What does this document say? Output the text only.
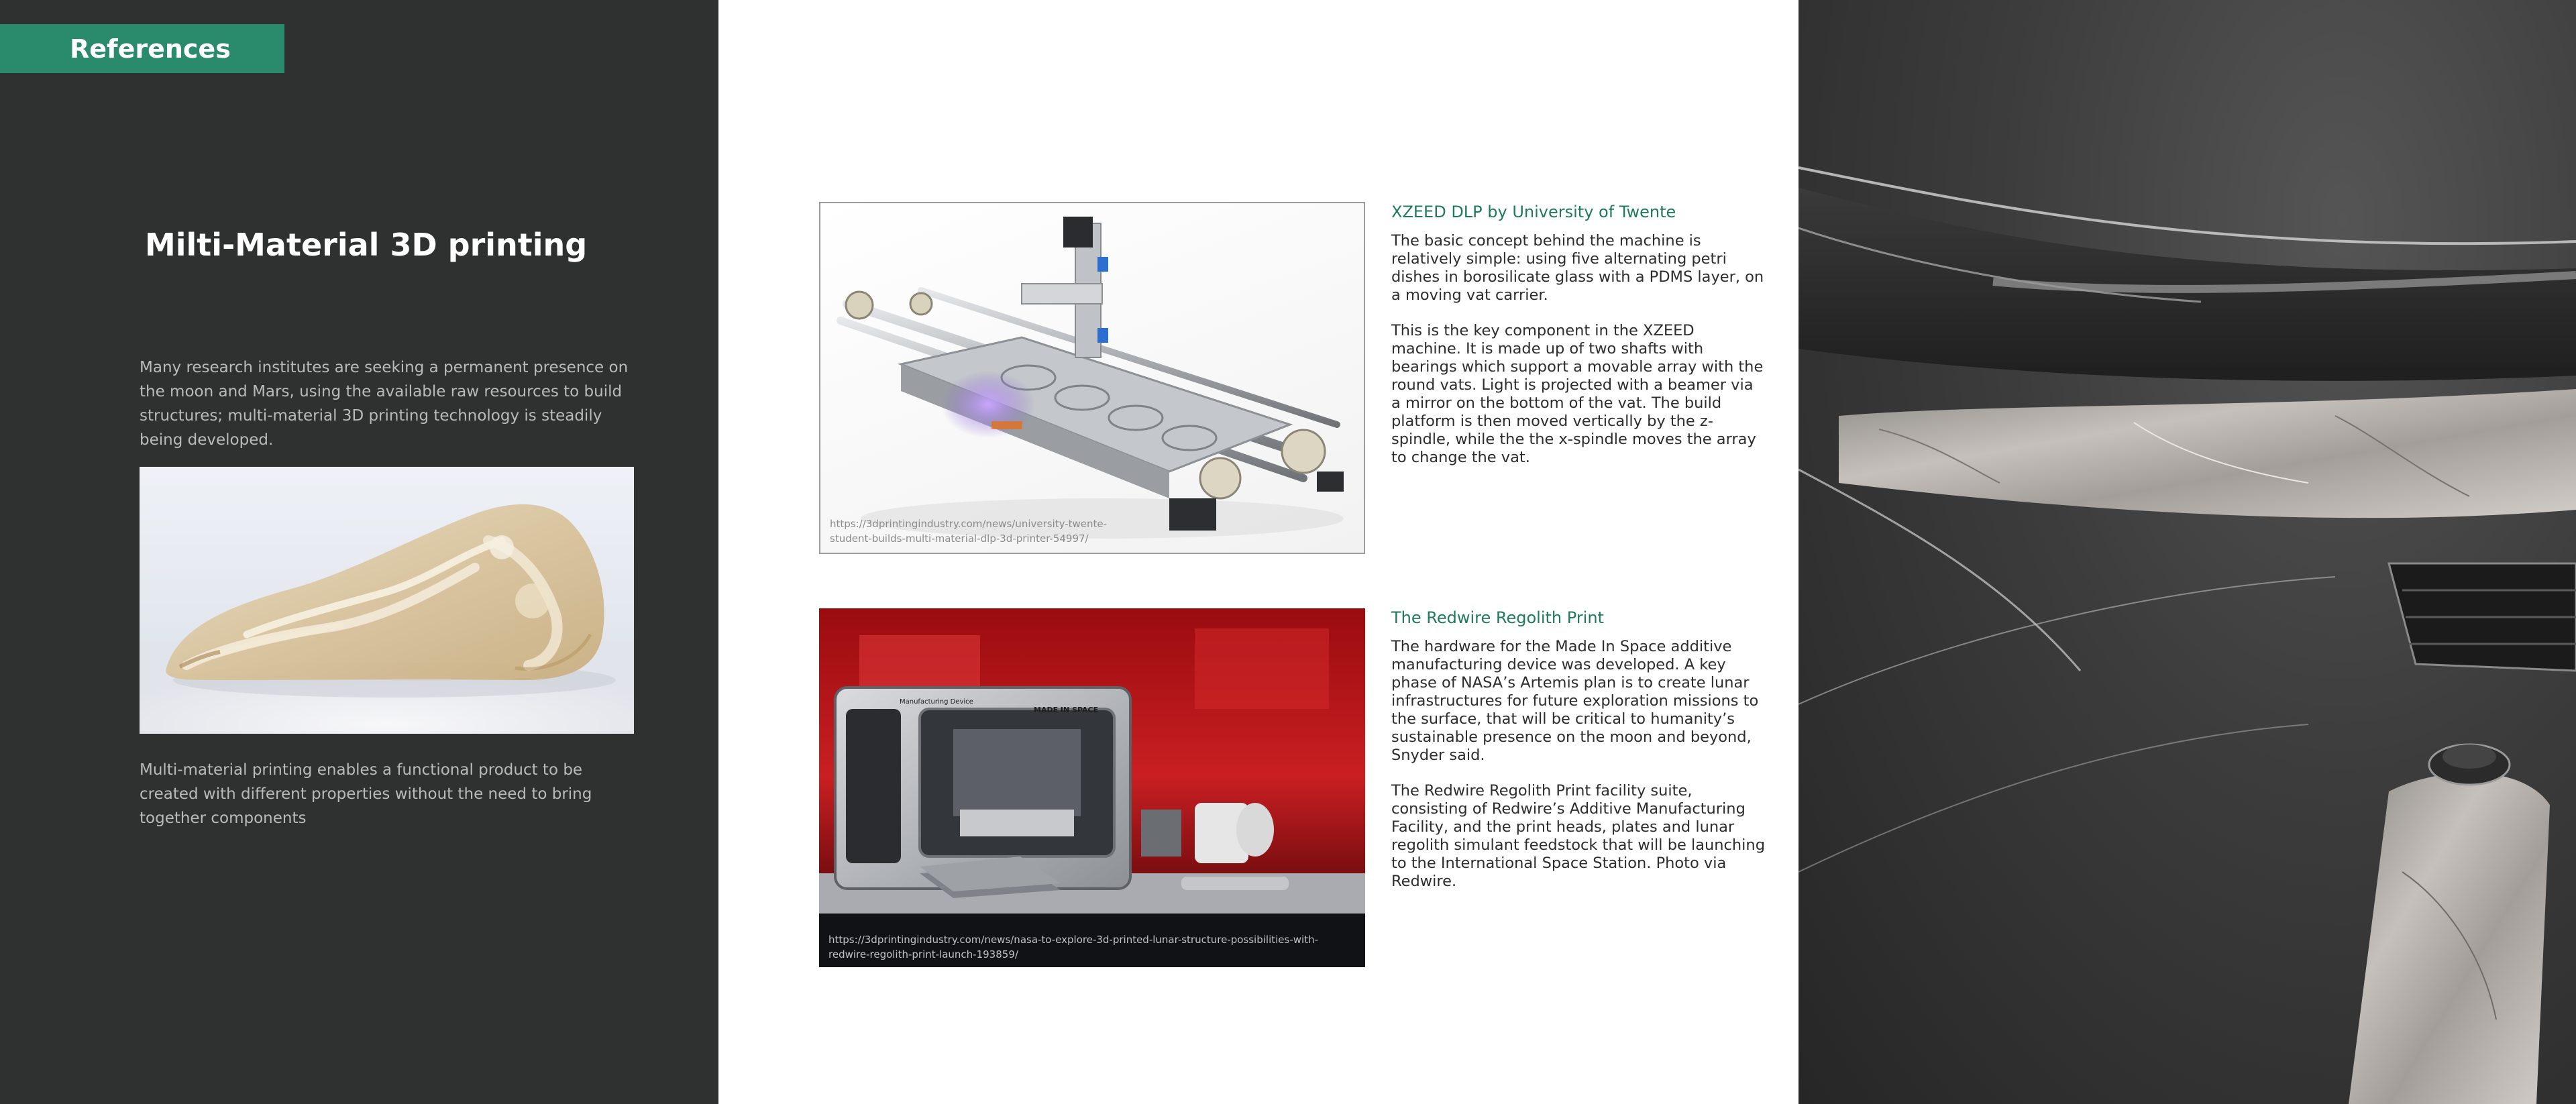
References
Milti-Material 3D printing

Many research institutes are seeking a permanent presence on the moon and Mars, using the available raw resources to build structures; multi-material 3D printing technology is steadily being developed.

Multi-material printing enables a functional product to be created with different properties without the need to bring together components

https://3dprintingindustry.com/news/university-twente-student-builds-multi-material-dlp-3d-printer-54997/
Manufacturing Device
MADE IN SPACE
https://3dprintingindustry.com/news/nasa-to-explore-3d-printed-lunar-structure-possibilities-with-redwire-regolith-print-launch-193859/
XZEED DLP by University of Twente

The basic concept behind the machine is relatively simple: using five alternating petri dishes in borosilicate glass with a PDMS layer, on a moving vat carrier.

This is the key component in the XZEED machine. It is made up of two shafts with bearings which support a movable array with the round vats. Light is projected with a beamer via a mirror on the bottom of the vat. The build platform is then moved vertically by the z-spindle, while the the x-spindle moves the array to change the vat.

The Redwire Regolith Print

The hardware for the Made In Space additive manufacturing device was developed. A key phase of NASA’s Artemis plan is to create lunar infrastructures for future exploration missions to the surface, that will be critical to humanity’s sustainable presence on the moon and beyond, Snyder said.

The Redwire Regolith Print facility suite, consisting of Redwire’s Additive Manufacturing Facility, and the print heads, plates and lunar regolith simulant feedstock that will be launching to the International Space Station. Photo via Redwire.
